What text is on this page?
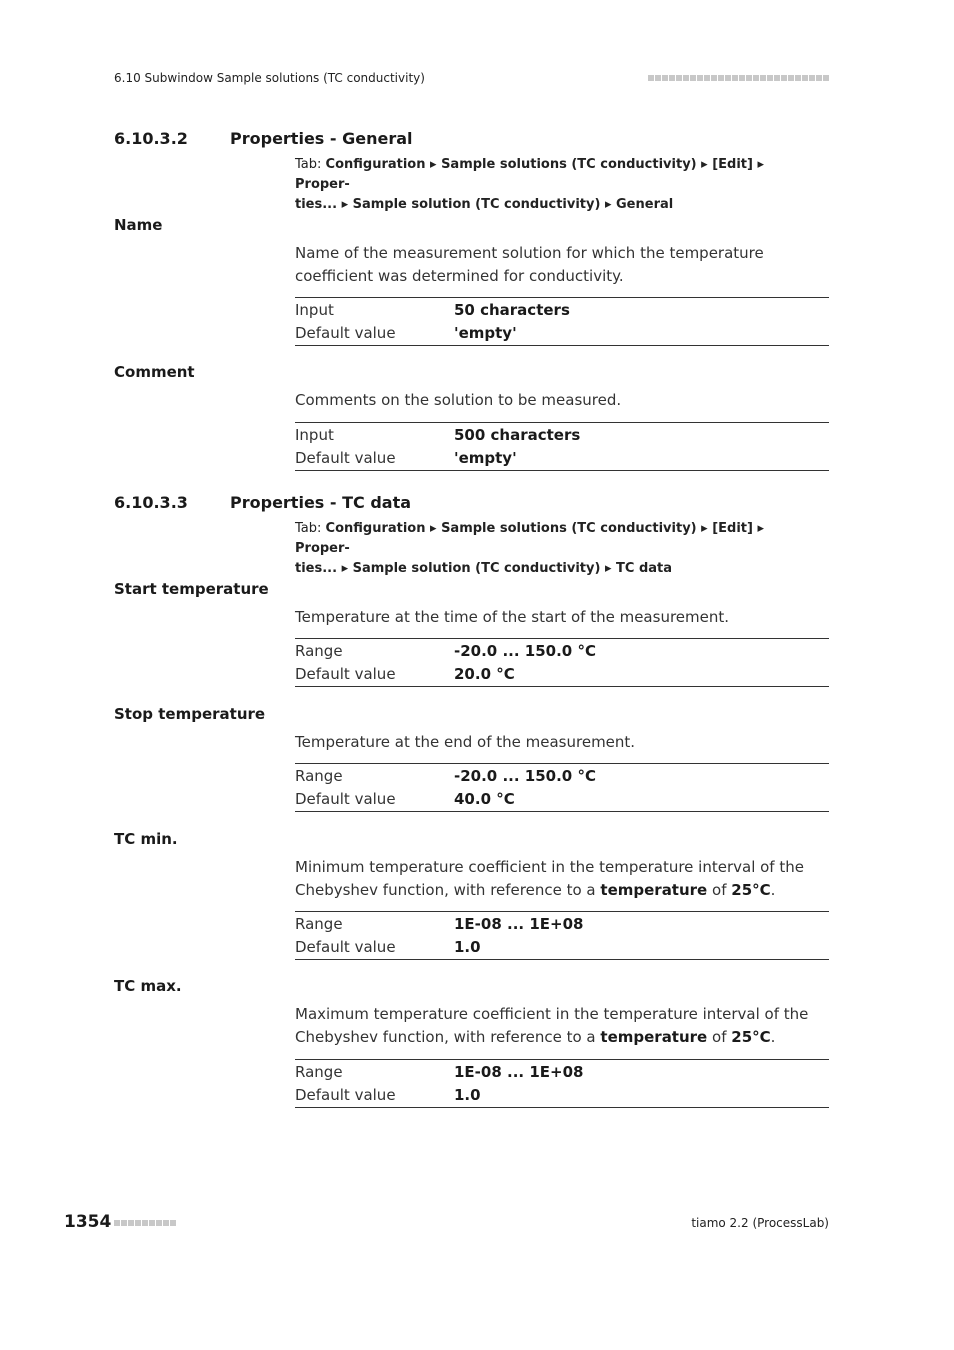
6.10 Subwindow Sample solutions (TC conductivity)
6.10.3.2	Properties - General
Tab: Configuration ▸ Sample solutions (TC conductivity) ▸ [Edit] ▸ Proper-
ties... ▸ Sample solution (TC conductivity) ▸ General
Name
Name of the measurement solution for which the temperature coefficient was determined for conductivity.
Input	50 characters
Default value	'empty'
Comment
Comments on the solution to be measured.
Input	500 characters
Default value	'empty'
6.10.3.3	Properties - TC data
Tab: Configuration ▸ Sample solutions (TC conductivity) ▸ [Edit] ▸ Proper-
ties... ▸ Sample solution (TC conductivity) ▸ TC data
Start temperature
Temperature at the time of the start of the measurement.
Range	-20.0 ... 150.0 °C
Default value	20.0 °C
Stop temperature
Temperature at the end of the measurement.
Range	-20.0 ... 150.0 °C
Default value	40.0 °C
TC min.
Minimum temperature coefficient in the temperature interval of the Chebyshev function, with reference to a temperature of 25°C.
Range	1E-08 ... 1E+08
Default value	1.0
TC max.
Maximum temperature coefficient in the temperature interval of the Chebyshev function, with reference to a temperature of 25°C.
Range	1E-08 ... 1E+08
Default value	1.0
1354	tiamo 2.2 (ProcessLab)
